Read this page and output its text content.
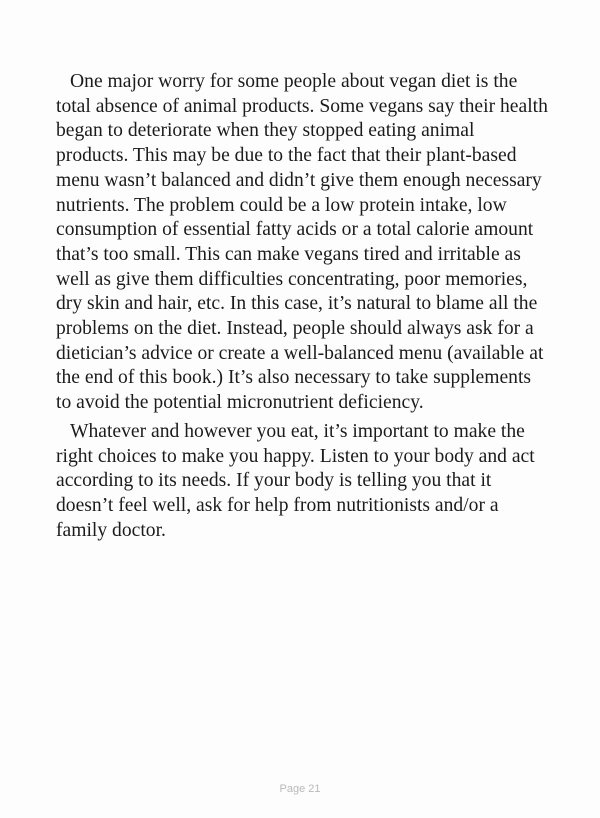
One major worry for some people about vegan diet is the total absence of animal products. Some vegans say their health began to deteriorate when they stopped eating animal products. This may be due to the fact that their plant-based menu wasn’t balanced and didn’t give them enough necessary nutrients. The problem could be a low protein intake, low consumption of essential fatty acids or a total calorie amount that’s too small. This can make vegans tired and irritable as well as give them difficulties concentrating, poor memories, dry skin and hair, etc. In this case, it’s natural to blame all the problems on the diet. Instead, people should always ask for a dietician’s advice or create a well-balanced menu (available at the end of this book.) It’s also necessary to take supplements to avoid the potential micronutrient deficiency.

Whatever and however you eat, it’s important to make the right choices to make you happy. Listen to your body and act according to its needs. If your body is telling you that it doesn’t feel well, ask for help from nutritionists and/or a family doctor.

Page 21
